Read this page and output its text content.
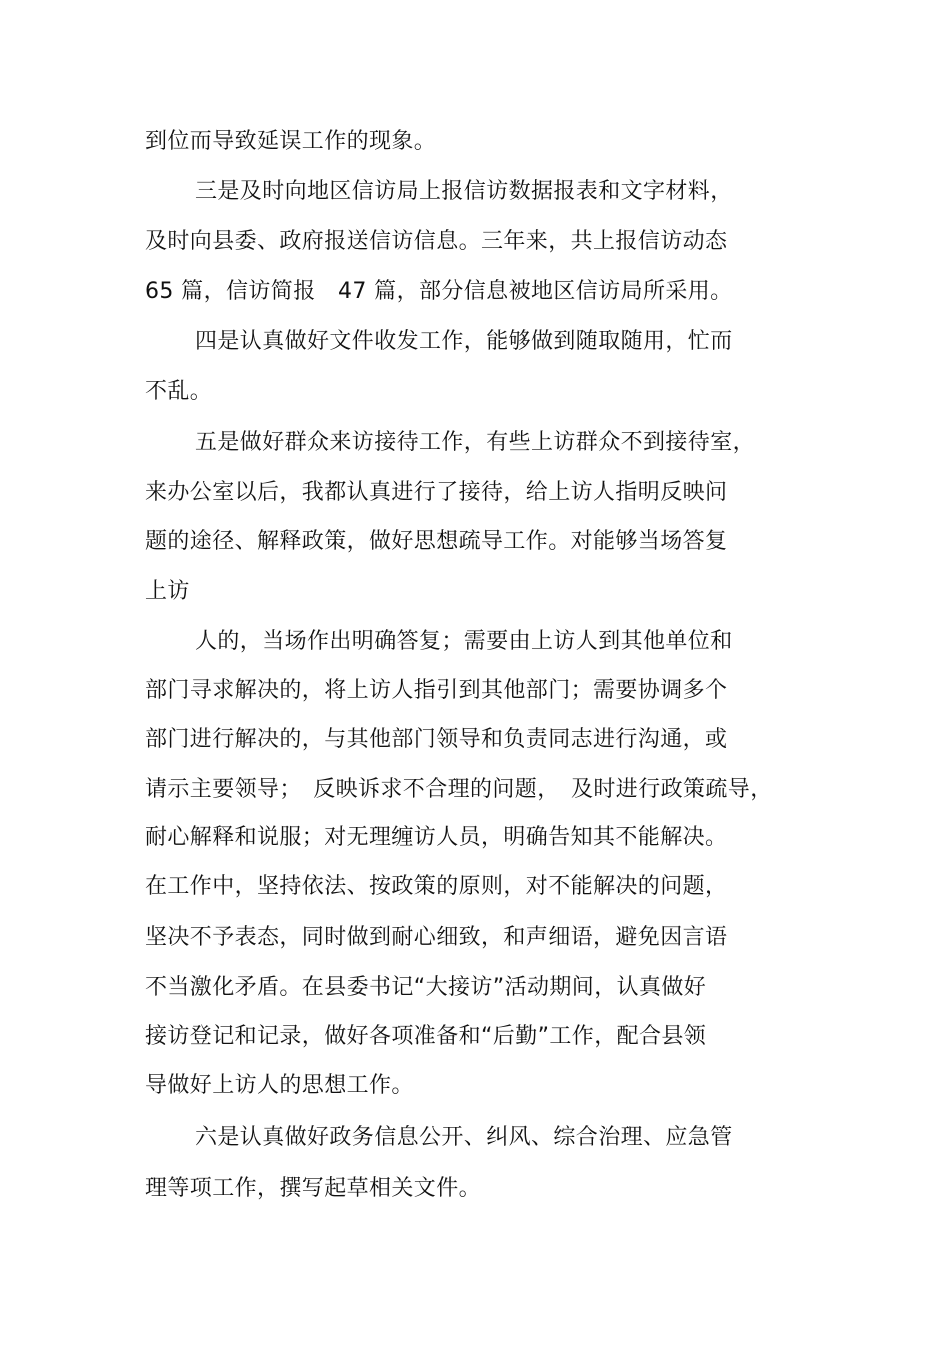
到位而导致延误工作的现象。
三是及时向地区信访局上报信访数据报表和文字材料，
及时向县委、政府报送信访信息。三年来，共上报信访动态
65 篇，信访简报　47 篇，部分信息被地区信访局所采用。
四是认真做好文件收发工作，能够做到随取随用，忙而
不乱。
五是做好群众来访接待工作，有些上访群众不到接待室，
来办公室以后，我都认真进行了接待，给上访人指明反映问
题的途径、解释政策，做好思想疏导工作。对能够当场答复
上访
人的，当场作出明确答复；需要由上访人到其他单位和
部门寻求解决的，将上访人指引到其他部门；需要协调多个
部门进行解决的，与其他部门领导和负责同志进行沟通，或
请示主要领导；　反映诉求不合理的问题，　及时进行政策疏导，
耐心解释和说服；对无理缠访人员，明确告知其不能解决。
在工作中，坚持依法、按政策的原则，对不能解决的问题，
坚决不予表态，同时做到耐心细致，和声细语，避免因言语
不当激化矛盾。在县委书记“大接访”活动期间，认真做好
接访登记和记录，做好各项准备和“后勤”工作，配合县领
导做好上访人的思想工作。
六是认真做好政务信息公开、纠风、综合治理、应急管
理等项工作，撰写起草相关文件。
